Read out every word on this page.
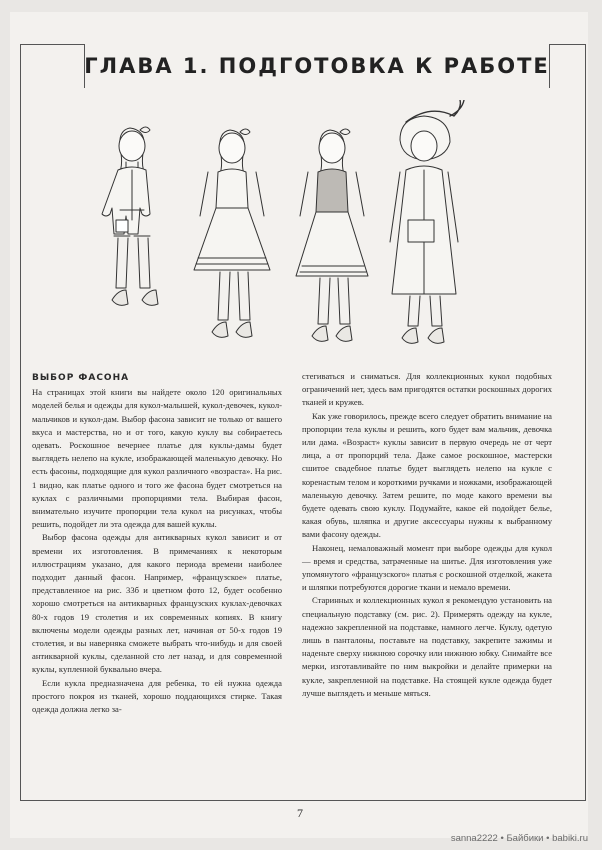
ГЛАВА 1. ПОДГОТОВКА К РАБОТЕ
ВЫБОР ФАСОНА

На страницах этой книги вы найдете около 120 оригинальных моделей белья и одежды для кукол-малышей, кукол-девочек, кукол-мальчиков и кукол-дам. Выбор фасона зависит не только от вашего вкуса и мастерства, но и от того, какую куклу вы собираетесь одевать. Роскошное вечернее платье для куклы-дамы будет выглядеть нелепо на кукле, изображающей маленькую девочку. Но есть фасоны, подходящие для кукол различного «возраста». На рис. 1 видно, как платье одного и того же фасона будет смотреться на куклах с различными пропорциями тела. Выбирая фасон, внимательно изучите пропорции тела кукол на рисунках, чтобы решить, подойдет ли эта одежда для вашей куклы.

Выбор фасона одежды для антикварных кукол зависит и от времени их изготовления. В примечаниях к некоторым иллюстрациям указано, для какого периода времени наиболее подходит данный фасон. Например, «французское» платье, представленное на рис. 33б и цветном фото 12, будет особенно хорошо смотреться на антикварных французских куклах-девочках 80-х годов 19 столетия и их современных копиях. В книгу включены модели одежды разных лет, начиная от 50-х годов 19 столетия, и вы наверняка сможете выбрать что-нибудь и для своей антикварной куклы, сделанной сто лет назад, и для современной куклы, купленной буквально вчера.

Если кукла предназначена для ребенка, то ей нужна одежда простого покроя из тканей, хорошо поддающихся стирке. Такая одежда должна легко за-

стегиваться и сниматься. Для коллекционных кукол подобных ограничений нет, здесь вам пригодятся остатки роскошных дорогих тканей и кружев.

Как уже говорилось, прежде всего следует обратить внимание на пропорции тела куклы и решить, кого будет вам мальчик, девочка или дама. «Возраст» куклы зависит в первую очередь не от черт лица, а от пропорций тела. Даже самое роскошное, мастерски сшитое свадебное платье будет выглядеть нелепо на кукле с коренастым телом и короткими ручками и ножками, изображающей маленькую девочку. Затем решите, по моде какого времени вы будете одевать свою куклу. Подумайте, какое ей подойдет белье, какая обувь, шляпка и другие аксессуары нужны к выбранному вами фасону одежды.

Наконец, немаловажный момент при выборе одежды для кукол — время и средства, затраченные на шитье. Для изготовления уже упомянутого «французского» платья с роскошной отделкой, жакета и шляпки потребуются дорогие ткани и немало времени.

Старинных и коллекционных кукол я рекомендую установить на специальную подставку (см. рис. 2). Примерять одежду на кукле, надежно закрепленной на подставке, намного легче. Куклу, одетую лишь в панталоны, поставьте на подставку, закрепите зажимы и наденьте сверху нижнюю сорочку или нижнюю юбку. Снимайте все мерки, изготавливайте по ним выкройки и делайте примерки на кукле, закрепленной на подставке. На стоящей кукле одежда будет лучше выглядеть и меньше мяться.

7
sanna2222 • Байбики • babiki.ru
